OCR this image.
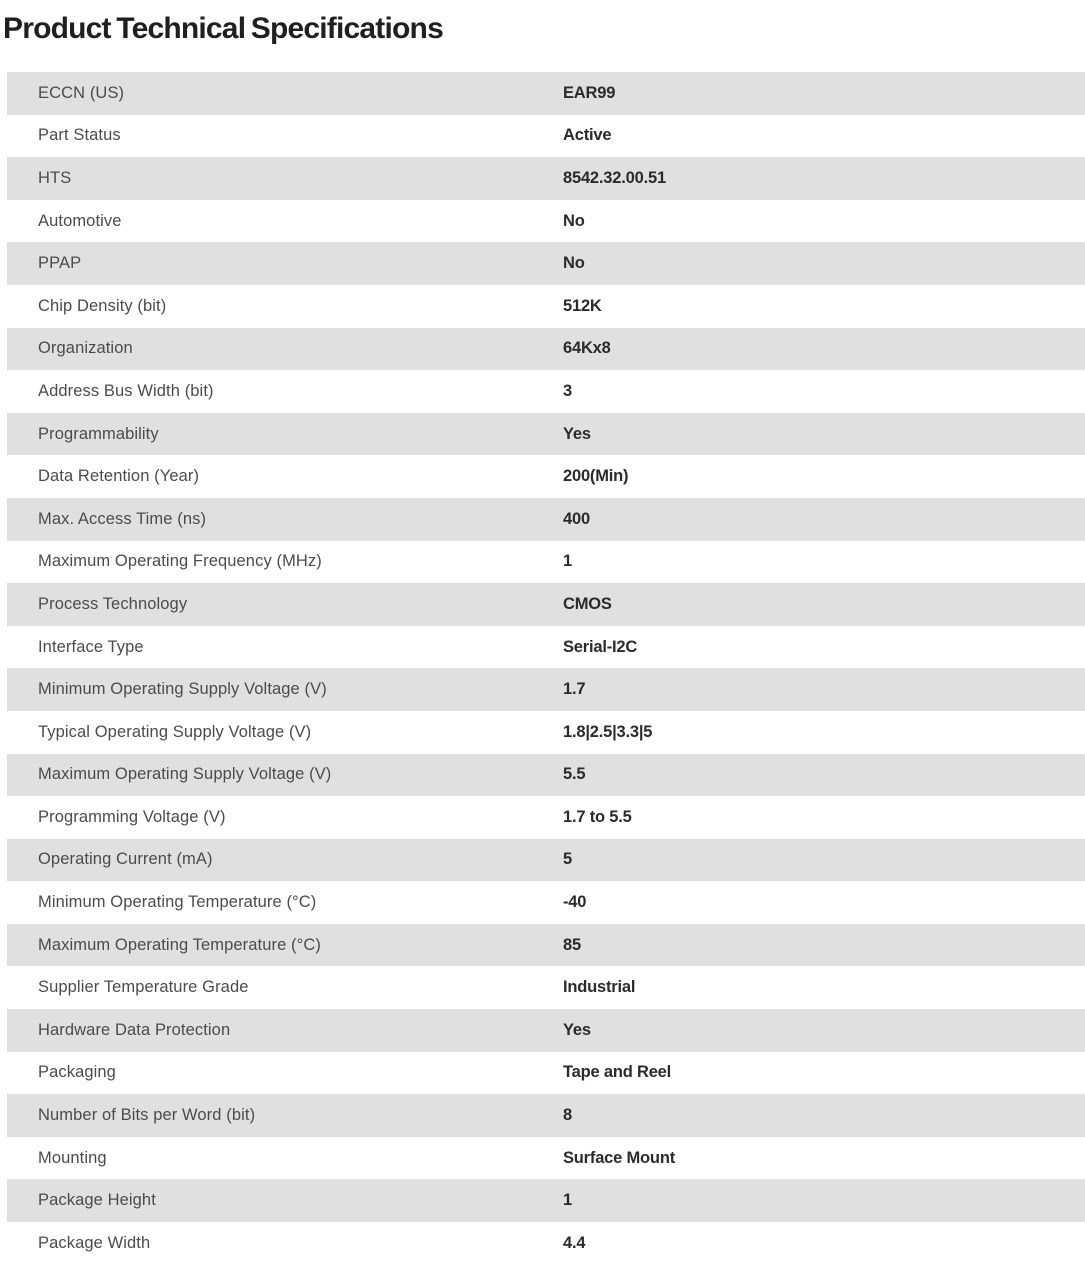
Product Technical Specifications
ECCN (US)	EAR99
Part Status	Active
HTS	8542.32.00.51
Automotive	No
PPAP	No
Chip Density (bit)	512K
Organization	64Kx8
Address Bus Width (bit)	3
Programmability	Yes
Data Retention (Year)	200(Min)
Max. Access Time (ns)	400
Maximum Operating Frequency (MHz)	1
Process Technology	CMOS
Interface Type	Serial-I2C
Minimum Operating Supply Voltage (V)	1.7
Typical Operating Supply Voltage (V)	1.8|2.5|3.3|5
Maximum Operating Supply Voltage (V)	5.5
Programming Voltage (V)	1.7 to 5.5
Operating Current (mA)	5
Minimum Operating Temperature (°C)	-40
Maximum Operating Temperature (°C)	85
Supplier Temperature Grade	Industrial
Hardware Data Protection	Yes
Packaging	Tape and Reel
Number of Bits per Word (bit)	8
Mounting	Surface Mount
Package Height	1
Package Width	4.4
